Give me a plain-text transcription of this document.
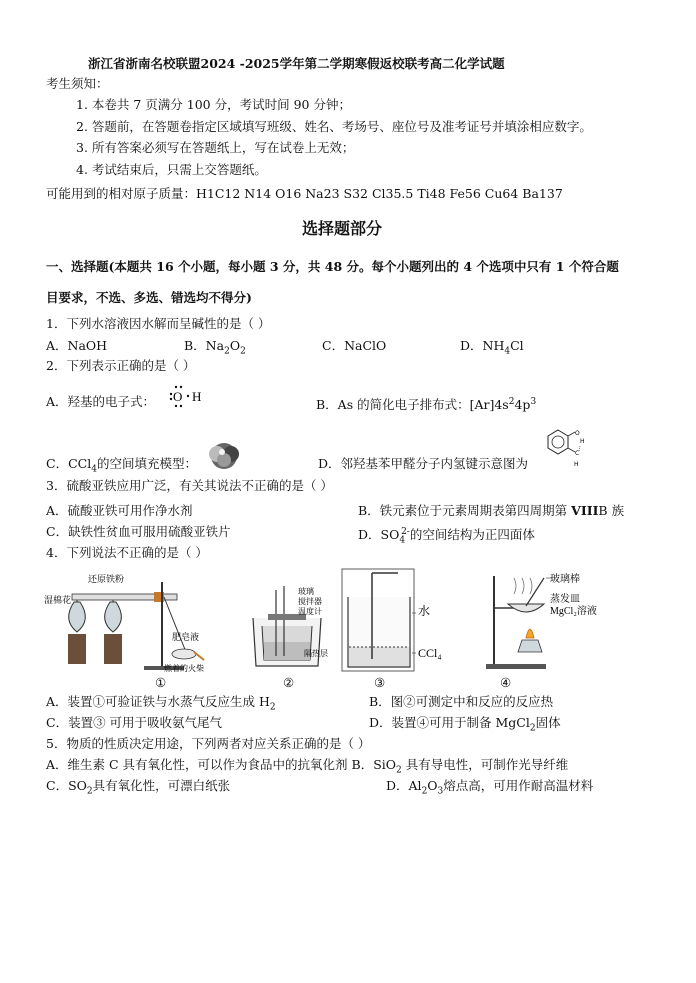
浙江省浙南名校联盟2024 -2025学年第二学期寒假返校联考高二化学试题
考生须知：
1. 本卷共 7 页满分 100 分，考试时间 90 分钟；
2. 答题前，在答题卷指定区域填写班级、姓名、考场号、座位号及准考证号并填涂相应数字。
3. 所有答案必须写在答题纸上，写在试卷上无效；
4. 考试结束后，只需上交答题纸。
可能用到的相对原子质量：H1C12 N14 O16 Na23 S32 Cl35.5 Ti48 Fe56 Cu64 Ba137
选择题部分
一、选择题(本题共 16 个小题，每小题 3 分，共 48 分。每个小题列出的 4 个选项中只有 1 个符合题
目要求，不选、多选、错选均不得分)
1．下列水溶液因水解而呈碱性的是（ ）
A．NaOH	B．$Na_2O_2$	C．NaClO	D．$NH_4Cl$
2．下列表示正确的是（ ）
A．羟基的电子式： O H
B．As 的简化电子排布式：$[Ar]4s^24p^3$
C．CCl$_4$的空间填充模型：	D．邻羟基苯甲醛分子内氢键示意图为
O
H
C
H
3．硫酸亚铁应用广泛，有关其说法不正确的是（ ）
A．硫酸亚铁可用作净水剂	B．铁元素位于元素周期表第四周期第 VIIIB 族
C．缺铁性贫血可服用硫酸亚铁片	D．$SO_4^{2-}$的空间结构为正四面体
4．下列说法不正确的是（ ）
湿棉花
还原铁粉
肥皂液
燃着的火柴
玻璃
搅拌器
温度计
隔热层
水
CCl₄
玻璃棒
蒸发皿
MgCl₂溶液
①	②	③	④
A．装置①可验证铁与水蒸气反应生成 $H_2$	B．图②可测定中和反应的反应热
C．装置③ 可用于吸收氨气尾气	D．装置④可用于制备 MgCl$_2$固体
5．物质的性质决定用途，下列两者对应关系正确的是（ ）
A．维生素 C 具有氧化性，可以作为食品中的抗氧化剂 B．SiO$_2$ 具有导电性，可制作光导纤维
C．$SO_2$具有氧化性，可漂白纸张	D．$Al_2O_3$熔点高，可用作耐高温材料
